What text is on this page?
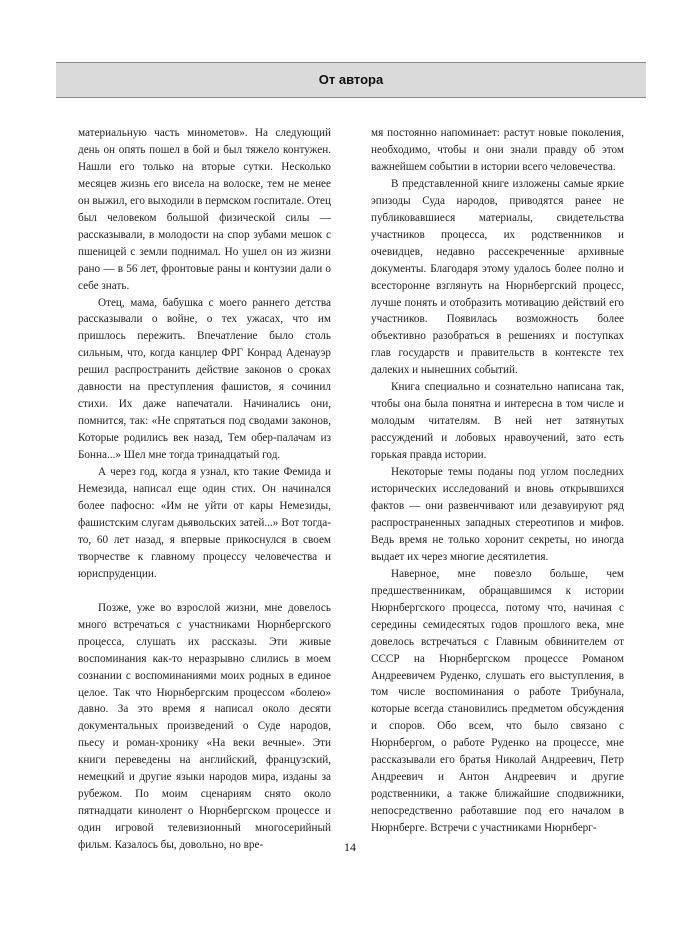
От автора

материальную часть минометов». На следующий день он опять пошел в бой и был тяжело контужен. Нашли его только на вторые сутки. Несколько месяцев жизнь его висела на волоске, тем не менее он выжил, его выходили в пермском госпитале. Отец был человеком большой физической силы — рассказывали, в молодости на спор зубами мешок с пшеницей с земли поднимал. Но ушел он из жизни рано — в 56 лет, фронтовые раны и контузии дали о себе знать.

Отец, мама, бабушка с моего раннего детства рассказывали о войне, о тех ужасах, что им пришлось пережить. Впечатление было столь сильным, что, когда канцлер ФРГ Конрад Аденауэр решил распространить действие законов о сроках давности на преступления фашистов, я сочинил стихи. Их даже напечатали. Начинались они, помнится, так: «Не спрятаться под сводами законов, Которые родились век назад, Тем обер-палачам из Бонна...» Шел мне тогда тринадцатый год.

А через год, когда я узнал, кто такие Фемида и Немезида, написал еще один стих. Он начинался более пафосно: «Им не уйти от кары Немезиды, фашистским слугам дьявольских затей...» Вот тогда-то, 60 лет назад, я впервые прикоснулся в своем творчестве к главному процессу человечества и юриспруденции.

Позже, уже во взрослой жизни, мне довелось много встречаться с участниками Нюрнбергского процесса, слушать их рассказы. Эти живые воспоминания как-то неразрывно слились в моем сознании с воспоминаниями моих родных в единое целое. Так что Нюрнбергским процессом «болею» давно. За это время я написал около десяти документальных произведений о Суде народов, пьесу и роман-хронику «На веки вечные». Эти книги переведены на английский, французский, немецкий и другие языки народов мира, изданы за рубежом. По моим сценариям снято около пятнадцати кинолент о Нюрнбергском процессе и один игровой телевизионный многосерийный фильм. Казалось бы, довольно, но вре-

мя постоянно напоминает: растут новые поколения, необходимо, чтобы и они знали правду об этом важнейшем событии в истории всего человечества.

В представленной книге изложены самые яркие эпизоды Суда народов, приводятся ранее не публиковавшиеся материалы, свидетельства участников процесса, их родственников и очевидцев, недавно рассекреченные архивные документы. Благодаря этому удалось более полно и всесторонне взглянуть на Нюрнбергский процесс, лучше понять и отобразить мотивацию действий его участников. Появилась возможность более объективно разобраться в решениях и поступках глав государств и правительств в контексте тех далеких и нынешних событий.

Книга специально и сознательно написана так, чтобы она была понятна и интересна в том числе и молодым читателям. В ней нет затянутых рассуждений и лобовых нравоучений, зато есть горькая правда истории.

Некоторые темы поданы под углом последних исторических исследований и вновь открывшихся фактов — они развенчивают или дезавуируют ряд распространенных западных стереотипов и мифов. Ведь время не только хоронит секреты, но иногда выдает их через многие десятилетия.

Наверное, мне повезло больше, чем предшественникам, обращавшимся к истории Нюрнбергского процесса, потому что, начиная с середины семидесятых годов прошлого века, мне довелось встречаться с Главным обвинителем от СССР на Нюрнбергском процессе Романом Андреевичем Руденко, слушать его выступления, в том числе воспоминания о работе Трибунала, которые всегда становились предметом обсуждения и споров. Обо всем, что было связано с Нюрнбергом, о работе Руденко на процессе, мне рассказывали его братья Николай Андреевич, Петр Андреевич и Антон Андреевич и другие родственники, а также ближайшие сподвижники, непосредственно работавшие под его началом в Нюрнберге. Встречи с участниками Нюрнберг-

14
